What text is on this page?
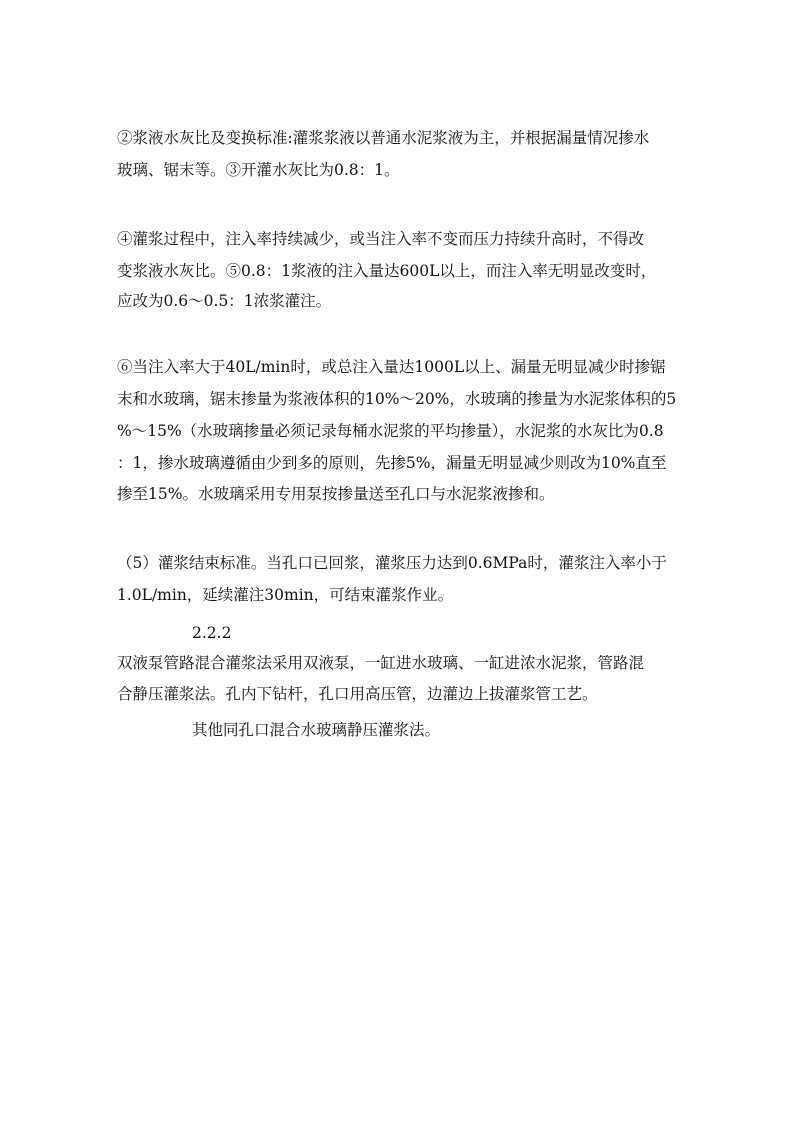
②浆液水灰比及变换标准:灌浆浆液以普通水泥浆液为主，并根据漏量情况掺水
玻璃、锯末等。③开灌水灰比为0.8：1。
④灌浆过程中，注入率持续减少，或当注入率不变而压力持续升高时，不得改
变浆液水灰比。⑤0.8：1浆液的注入量达600L以上，而注入率无明显改变时，
应改为0.6～0.5：1浓浆灌注。
⑥当注入率大于40L/min时，或总注入量达1000L以上、漏量无明显减少时掺锯
末和水玻璃，锯末掺量为浆液体积的10%～20%，水玻璃的掺量为水泥浆体积的5
%～15%（水玻璃掺量必须记录每桶水泥浆的平均掺量），水泥浆的水灰比为0.8
：1，掺水玻璃遵循由少到多的原则，先掺5%，漏量无明显减少则改为10%直至
掺至15%。水玻璃采用专用泵按掺量送至孔口与水泥浆液掺和。
（5）灌浆结束标准。当孔口已回浆，灌浆压力达到0.6MPa时，灌浆注入率小于
1.0L/min，延续灌注30min，可结束灌浆作业。
2.2.2
双液泵管路混合灌浆法采用双液泵，一缸进水玻璃、一缸进浓水泥浆，管路混
合静压灌浆法。孔内下钻杆，孔口用高压管，边灌边上拔灌浆管工艺。
其他同孔口混合水玻璃静压灌浆法。
